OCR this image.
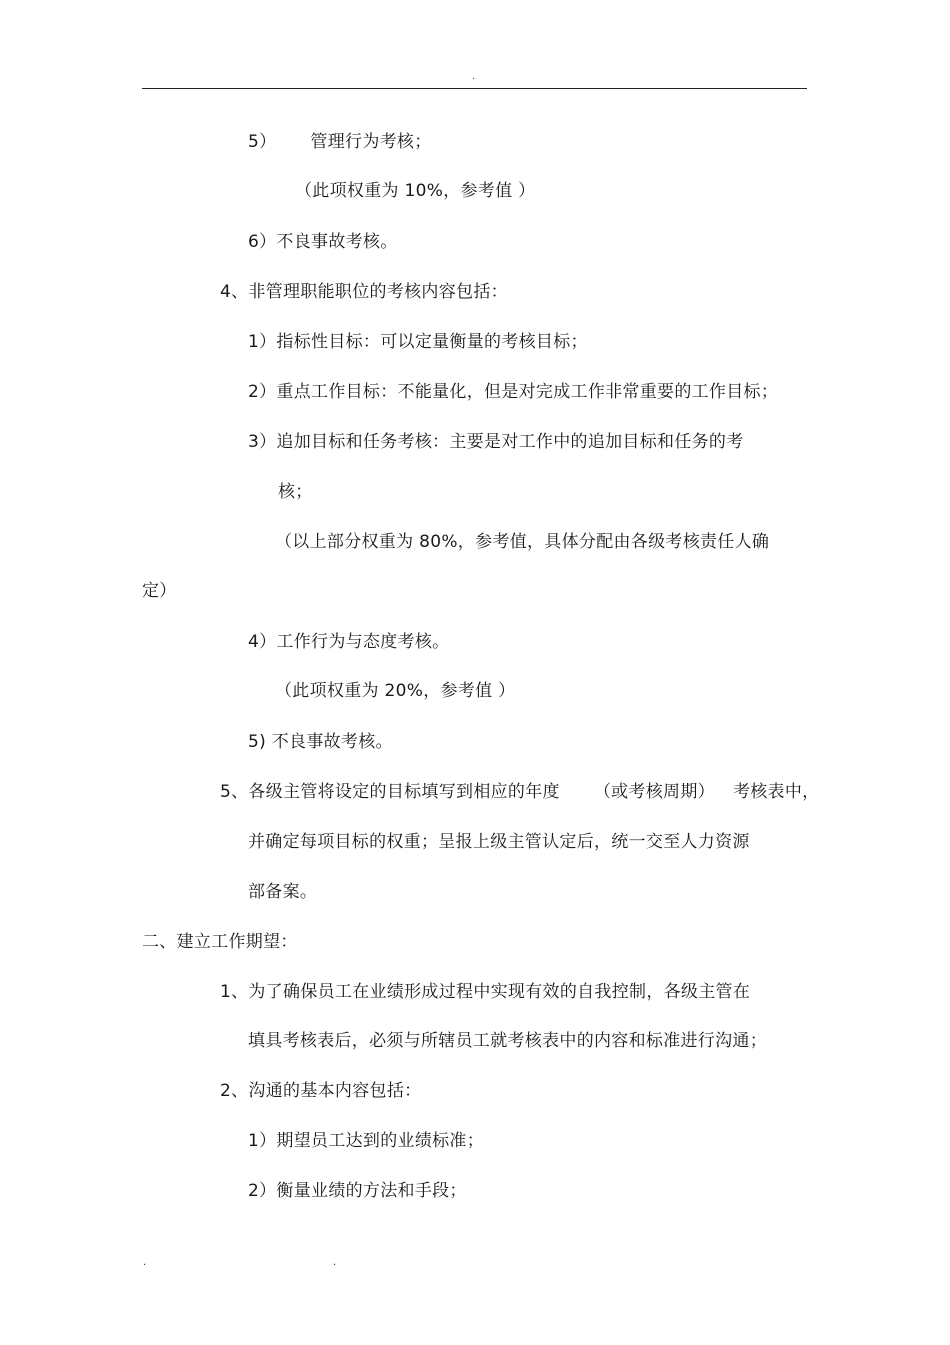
.
5） 管理行为考核；
（此项权重为 10%，参考值 ）
6）不良事故考核。
4、非管理职能职位的考核内容包括：
1）指标性目标：可以定量衡量的考核目标；
2）重点工作目标：不能量化，但是对完成工作非常重要的工作目标；
3）追加目标和任务考核：主要是对工作中的追加目标和任务的考
核；
（以上部分权重为 80%，参考值，具体分配由各级考核责任人确
定）
4）工作行为与态度考核。
（此项权重为 20%，参考值 ）
5) 不良事故考核。
5、各级主管将设定的目标填写到相应的年度 （或考核周期） 考核表中，
并确定每项目标的权重；呈报上级主管认定后，统一交至人力资源
部备案。
二、建立工作期望：
1、为了确保员工在业绩形成过程中实现有效的自我控制，各级主管在
填具考核表后，必须与所辖员工就考核表中的内容和标准进行沟通；
2、沟通的基本内容包括：
1）期望员工达到的业绩标准；
2）衡量业绩的方法和手段；
.	.
